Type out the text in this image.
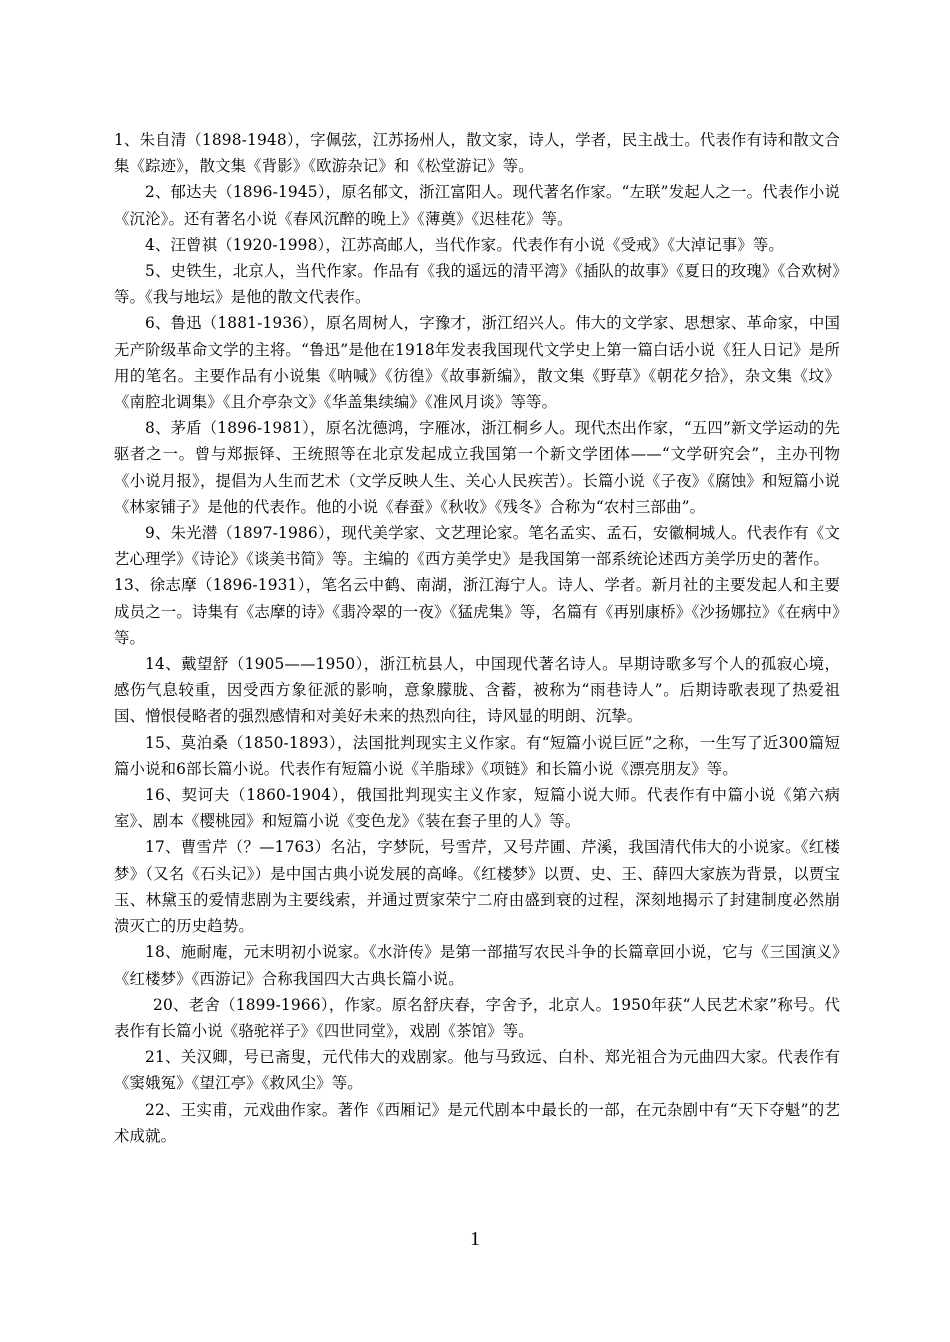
1、朱自清（1898-1948），字佩弦，江苏扬州人，散文家，诗人，学者，民主战士。代表作有诗和散文合集《踪迹》，散文集《背影》《欧游杂记》和《松堂游记》等。

2、郁达夫（1896-1945），原名郁文，浙江富阳人。现代著名作家。“左联”发起人之一。代表作小说《沉沦》。还有著名小说《春风沉醉的晚上》《薄奠》《迟桂花》等。

4、汪曾祺（1920-1998），江苏高邮人，当代作家。代表作有小说《受戒》《大淖记事》等。

5、史铁生，北京人，当代作家。作品有《我的遥远的清平湾》《插队的故事》《夏日的玫瑰》《合欢树》等。《我与地坛》是他的散文代表作。

6、鲁迅（1881-1936），原名周树人，字豫才，浙江绍兴人。伟大的文学家、思想家、革命家，中国无产阶级革命文学的主将。“鲁迅”是他在1918年发表我国现代文学史上第一篇白话小说《狂人日记》是所用的笔名。主要作品有小说集《呐喊》《彷徨》《故事新编》，散文集《野草》《朝花夕拾》，杂文集《坟》《南腔北调集》《且介亭杂文》《华盖集续编》《准风月谈》等等。

8、茅盾（1896-1981），原名沈德鸿，字雁冰，浙江桐乡人。现代杰出作家，“五四”新文学运动的先驱者之一。曾与郑振铎、王统照等在北京发起成立我国第一个新文学团体——“文学研究会”，主办刊物《小说月报》，提倡为人生而艺术（文学反映人生、关心人民疾苦）。长篇小说《子夜》《腐蚀》和短篇小说《林家铺子》是他的代表作。他的小说《春蚕》《秋收》《残冬》合称为“农村三部曲”。

9、朱光潜（1897-1986），现代美学家、文艺理论家。笔名孟实、孟石，安徽桐城人。代表作有《文艺心理学》《诗论》《谈美书简》等。主编的《西方美学史》是我国第一部系统论述西方美学历史的著作。

13、徐志摩（1896-1931），笔名云中鹤、南湖，浙江海宁人。诗人、学者。新月社的主要发起人和主要成员之一。诗集有《志摩的诗》《翡冷翠的一夜》《猛虎集》等，名篇有《再别康桥》《沙扬娜拉》《在病中》等。

14、戴望舒（1905——1950），浙江杭县人，中国现代著名诗人。早期诗歌多写个人的孤寂心境，感伤气息较重，因受西方象征派的影响，意象朦胧、含蓄，被称为“雨巷诗人”。后期诗歌表现了热爱祖国、憎恨侵略者的强烈感情和对美好未来的热烈向往，诗风显的明朗、沉挚。

15、莫泊桑（1850-1893），法国批判现实主义作家。有“短篇小说巨匠”之称，一生写了近300篇短篇小说和6部长篇小说。代表作有短篇小说《羊脂球》《项链》和长篇小说《漂亮朋友》等。

16、契诃夫（1860-1904），俄国批判现实主义作家，短篇小说大师。代表作有中篇小说《第六病室》、剧本《樱桃园》和短篇小说《变色龙》《装在套子里的人》等。

17、曹雪芹（？—1763）名沾，字梦阮，号雪芹，又号芹圃、芹溪，我国清代伟大的小说家。《红楼梦》（又名《石头记》）是中国古典小说发展的高峰。《红楼梦》以贾、史、王、薛四大家族为背景，以贾宝玉、林黛玉的爱情悲剧为主要线索，并通过贾家荣宁二府由盛到衰的过程，深刻地揭示了封建制度必然崩溃灭亡的历史趋势。

18、施耐庵，元末明初小说家。《水浒传》是第一部描写农民斗争的长篇章回小说，它与《三国演义》《红楼梦》《西游记》合称我国四大古典长篇小说。

20、老舍（1899-1966），作家。原名舒庆春，字舍予，北京人。1950年获“人民艺术家”称号。代表作有长篇小说《骆驼祥子》《四世同堂》，戏剧《茶馆》等。

21、关汉卿，号已斋叟，元代伟大的戏剧家。他与马致远、白朴、郑光祖合为元曲四大家。代表作有《窦娥冤》《望江亭》《救风尘》等。

22、王实甫，元戏曲作家。著作《西厢记》是元代剧本中最长的一部，在元杂剧中有“天下夺魁”的艺术成就。

1
